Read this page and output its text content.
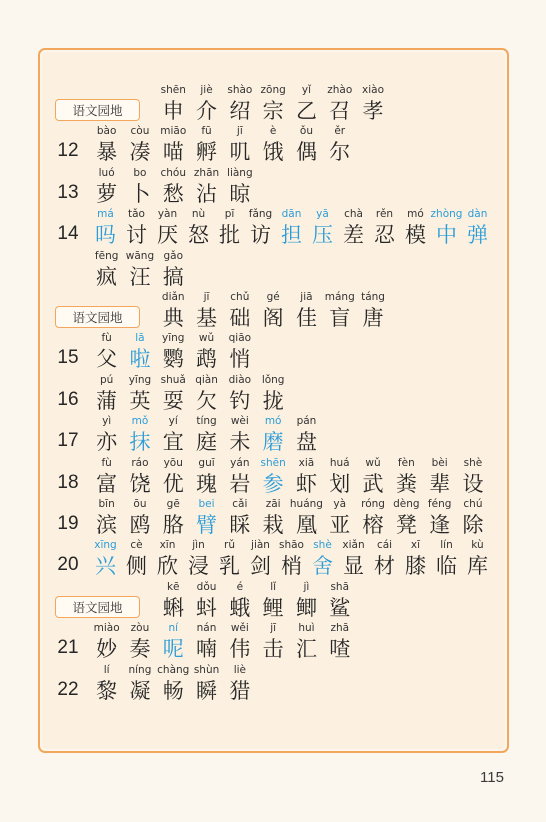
语文园地
shēn
申
jiè
介
shào
绍
zōng
宗
yǐ
乙
zhào
召
xiào
孝
12
bào
暴
còu
凑
miāo
喵
fū
孵
jī
叽
è
饿
ǒu
偶
ěr
尔
13
luó
萝
bo
卜
chóu
愁
zhān
沾
liàng
晾
14
má
吗
tǎo
讨
yàn
厌
nù
怒
pī
批
fǎng
访
dān
担
yā
压
chà
差
rěn
忍
mó
模
zhòng
中
dàn
弹
fēng
疯
wāng
汪
gǎo
搞
语文园地
diǎn
典
jī
基
chǔ
础
gé
阁
jiā
佳
máng
盲
táng
唐
15
fù
父
lā
啦
yīng
鹦
wǔ
鹉
qiāo
悄
16
pú
蒲
yīng
英
shuǎ
耍
qiàn
欠
diào
钓
lǒng
拢
17
yì
亦
mǒ
抹
yí
宜
tíng
庭
wèi
未
mó
磨
pán
盘
18
fù
富
ráo
饶
yōu
优
guī
瑰
yán
岩
shēn
参
xiā
虾
huá
划
wǔ
武
fèn
粪
bèi
辈
shè
设
19
bīn
滨
ōu
鸥
gē
胳
bei
臂
cǎi
睬
zāi
栽
huáng
凰
yà
亚
róng
榕
dèng
凳
féng
逢
chú
除
20
xīng
兴
cè
侧
xīn
欣
jìn
浸
rǔ
乳
jiàn
剑
shāo
梢
shè
舍
xiǎn
显
cái
材
xī
膝
lín
临
kù
库
语文园地
kē
蝌
dǒu
蚪
é
蛾
lǐ
鲤
jì
鲫
shā
鲨
21
miào
妙
zòu
奏
ní
呢
nán
喃
wěi
伟
jī
击
huì
汇
zhā
喳
22
lí
黎
níng
凝
chàng
畅
shùn
瞬
liè
猎
115
